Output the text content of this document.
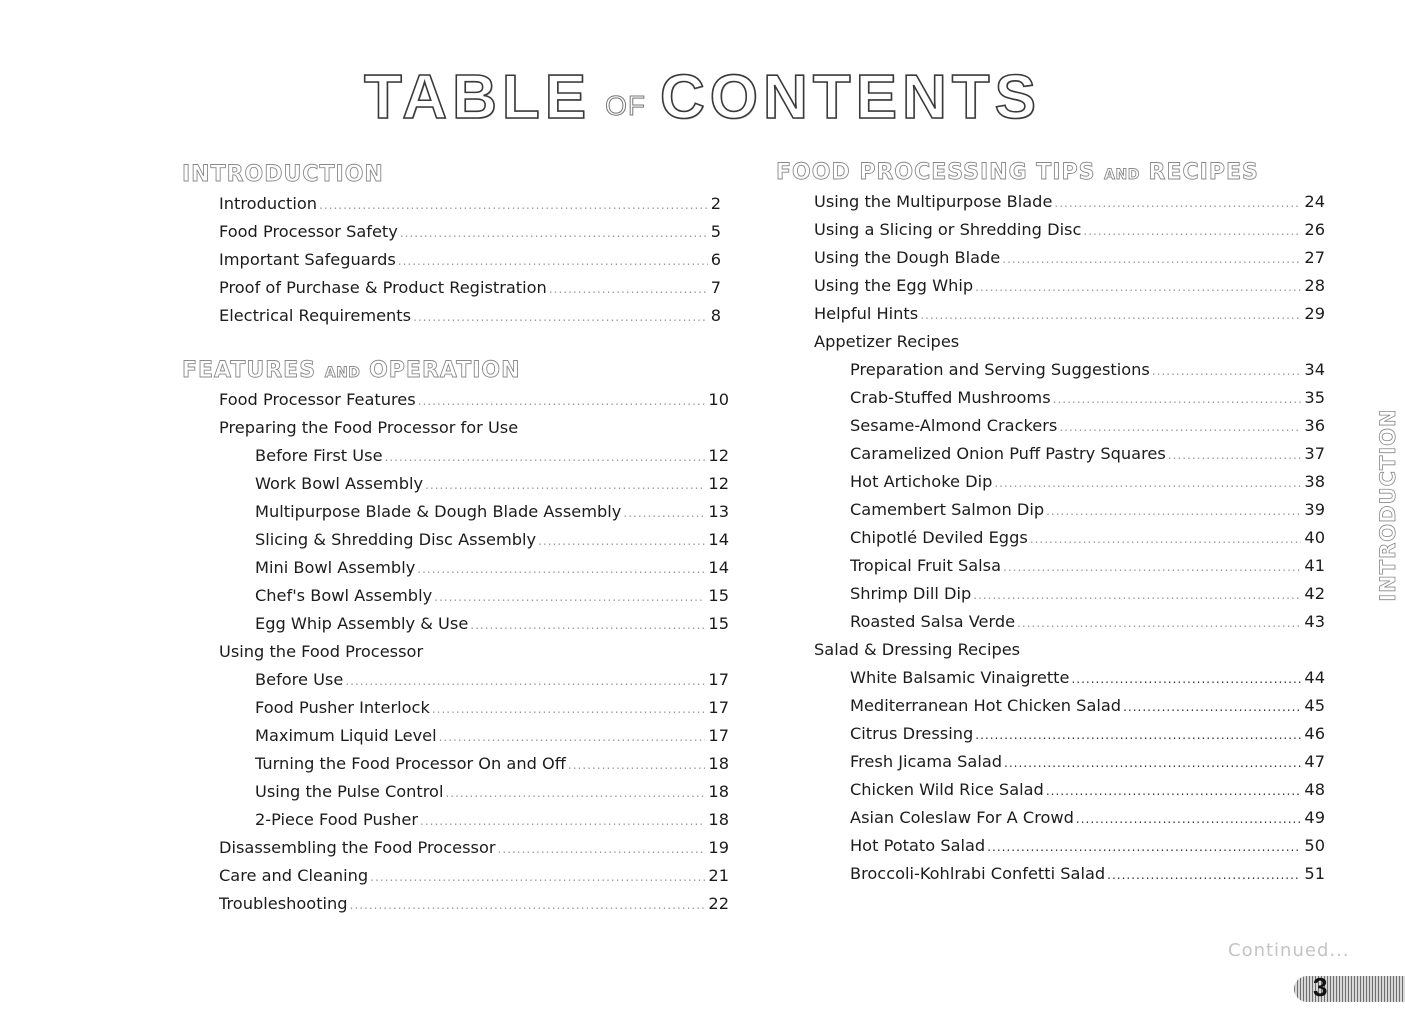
TABLE OF CONTENTS
INTRODUCTION
Introduction .....	2
Food Processor Safety .....	5
Important Safeguards .....	6
Proof of Purchase & Product Registration .....	7
Electrical Requirements .....	8
FEATURES AND OPERATION
Food Processor Features .....	10
Preparing the Food Processor for Use
Before First Use .....	12
Work Bowl Assembly .....	12
Multipurpose Blade & Dough Blade Assembly .....	13
Slicing & Shredding Disc Assembly .....	14
Mini Bowl Assembly .....	14
Chef's Bowl Assembly .....	15
Egg Whip Assembly & Use .....	15
Using the Food Processor
Before Use .....	17
Food Pusher Interlock .....	17
Maximum Liquid Level .....	17
Turning the Food Processor On and Off .....	18
Using the Pulse Control .....	18
2-Piece Food Pusher .....	18
Disassembling the Food Processor .....	19
Care and Cleaning .....	21
Troubleshooting .....	22
FOOD PROCESSING TIPS AND RECIPES
Using the Multipurpose Blade .....	24
Using a Slicing or Shredding Disc .....	26
Using the Dough Blade .....	27
Using the Egg Whip .....	28
Helpful Hints .....	29
Appetizer Recipes
Preparation and Serving Suggestions .....	34
Crab-Stuffed Mushrooms .....	35
Sesame-Almond Crackers .....	36
Caramelized Onion Puff Pastry Squares .....	37
Hot Artichoke Dip .....	38
Camembert Salmon Dip .....	39
Chipotlé Deviled Eggs .....	40
Tropical Fruit Salsa .....	41
Shrimp Dill Dip .....	42
Roasted Salsa Verde .....	43
Salad & Dressing Recipes
White Balsamic Vinaigrette .....	44
Mediterranean Hot Chicken Salad .....	45
Citrus Dressing .....	46
Fresh Jicama Salad .....	47
Chicken Wild Rice Salad .....	48
Asian Coleslaw For A Crowd .....	49
Hot Potato Salad .....	50
Broccoli-Kohlrabi Confetti Salad .....	51
INTRODUCTION
Continued...
3
